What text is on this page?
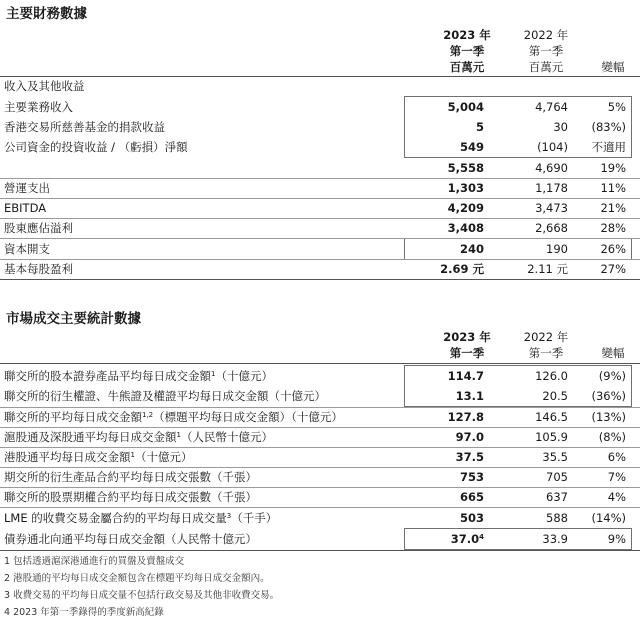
主要財務數據
2023 年
第一季
百萬元
2022 年
第一季
百萬元	變幅
收入及其他收益
主要業務收入	5,004	4,764	5%
香港交易所慈善基金的捐款收益	5	30 (83%)
公司資金的投資收益 / （虧損）淨額	549	(104) 不適用
5,558	4,690	19%
營運支出	1,303	1,178	11%
EBITDA	4,209	3,473	21%
股東應佔溢利	3,408	2,668	28%
資本開支	240	190	26%
基本每股盈利	2.69 元	2.11 元	27%
市場成交主要統計數據
2023 年
第一季
2022 年
第一季	變幅
聯交所的股本證券產品平均每日成交金額$^1$（十億元）	114.7	126.0	(9%)
聯交所的衍生權證、牛熊證及權證平均每日成交金額（十億元）	13.1	20.5 (36%)
聯交所的平均每日成交金額$^{1,2}$（標題平均每日成交金額）（十億元）	127.8	146.5 (13%)
滬股通及深股通平均每日成交金額$^1$（人民幣十億元）	97.0	105.9	(8%)
港股通平均每日成交金額$^1$（十億元）	37.5	35.5	6%
期交所的衍生產品合約平均每日成交張數（千張）	753	705	7%
聯交所的股票期權合約平均每日成交張數（千張）	665	637	4%
LME 的收費交易金屬合約的平均每日成交量$^3$（千手）	503	588 (14%)
債券通北向通平均每日成交金額（人民幣十億元）	37.0$^4$	33.9	9%
1 包括透過滬深港通進行的買盤及賣盤成交
2 港股通的平均每日成交金額包含在標題平均每日成交金額內。
3 收費交易的平均每日成交量不包括行政交易及其他非收費交易。
4 2023 年第一季錄得的季度新高紀錄
